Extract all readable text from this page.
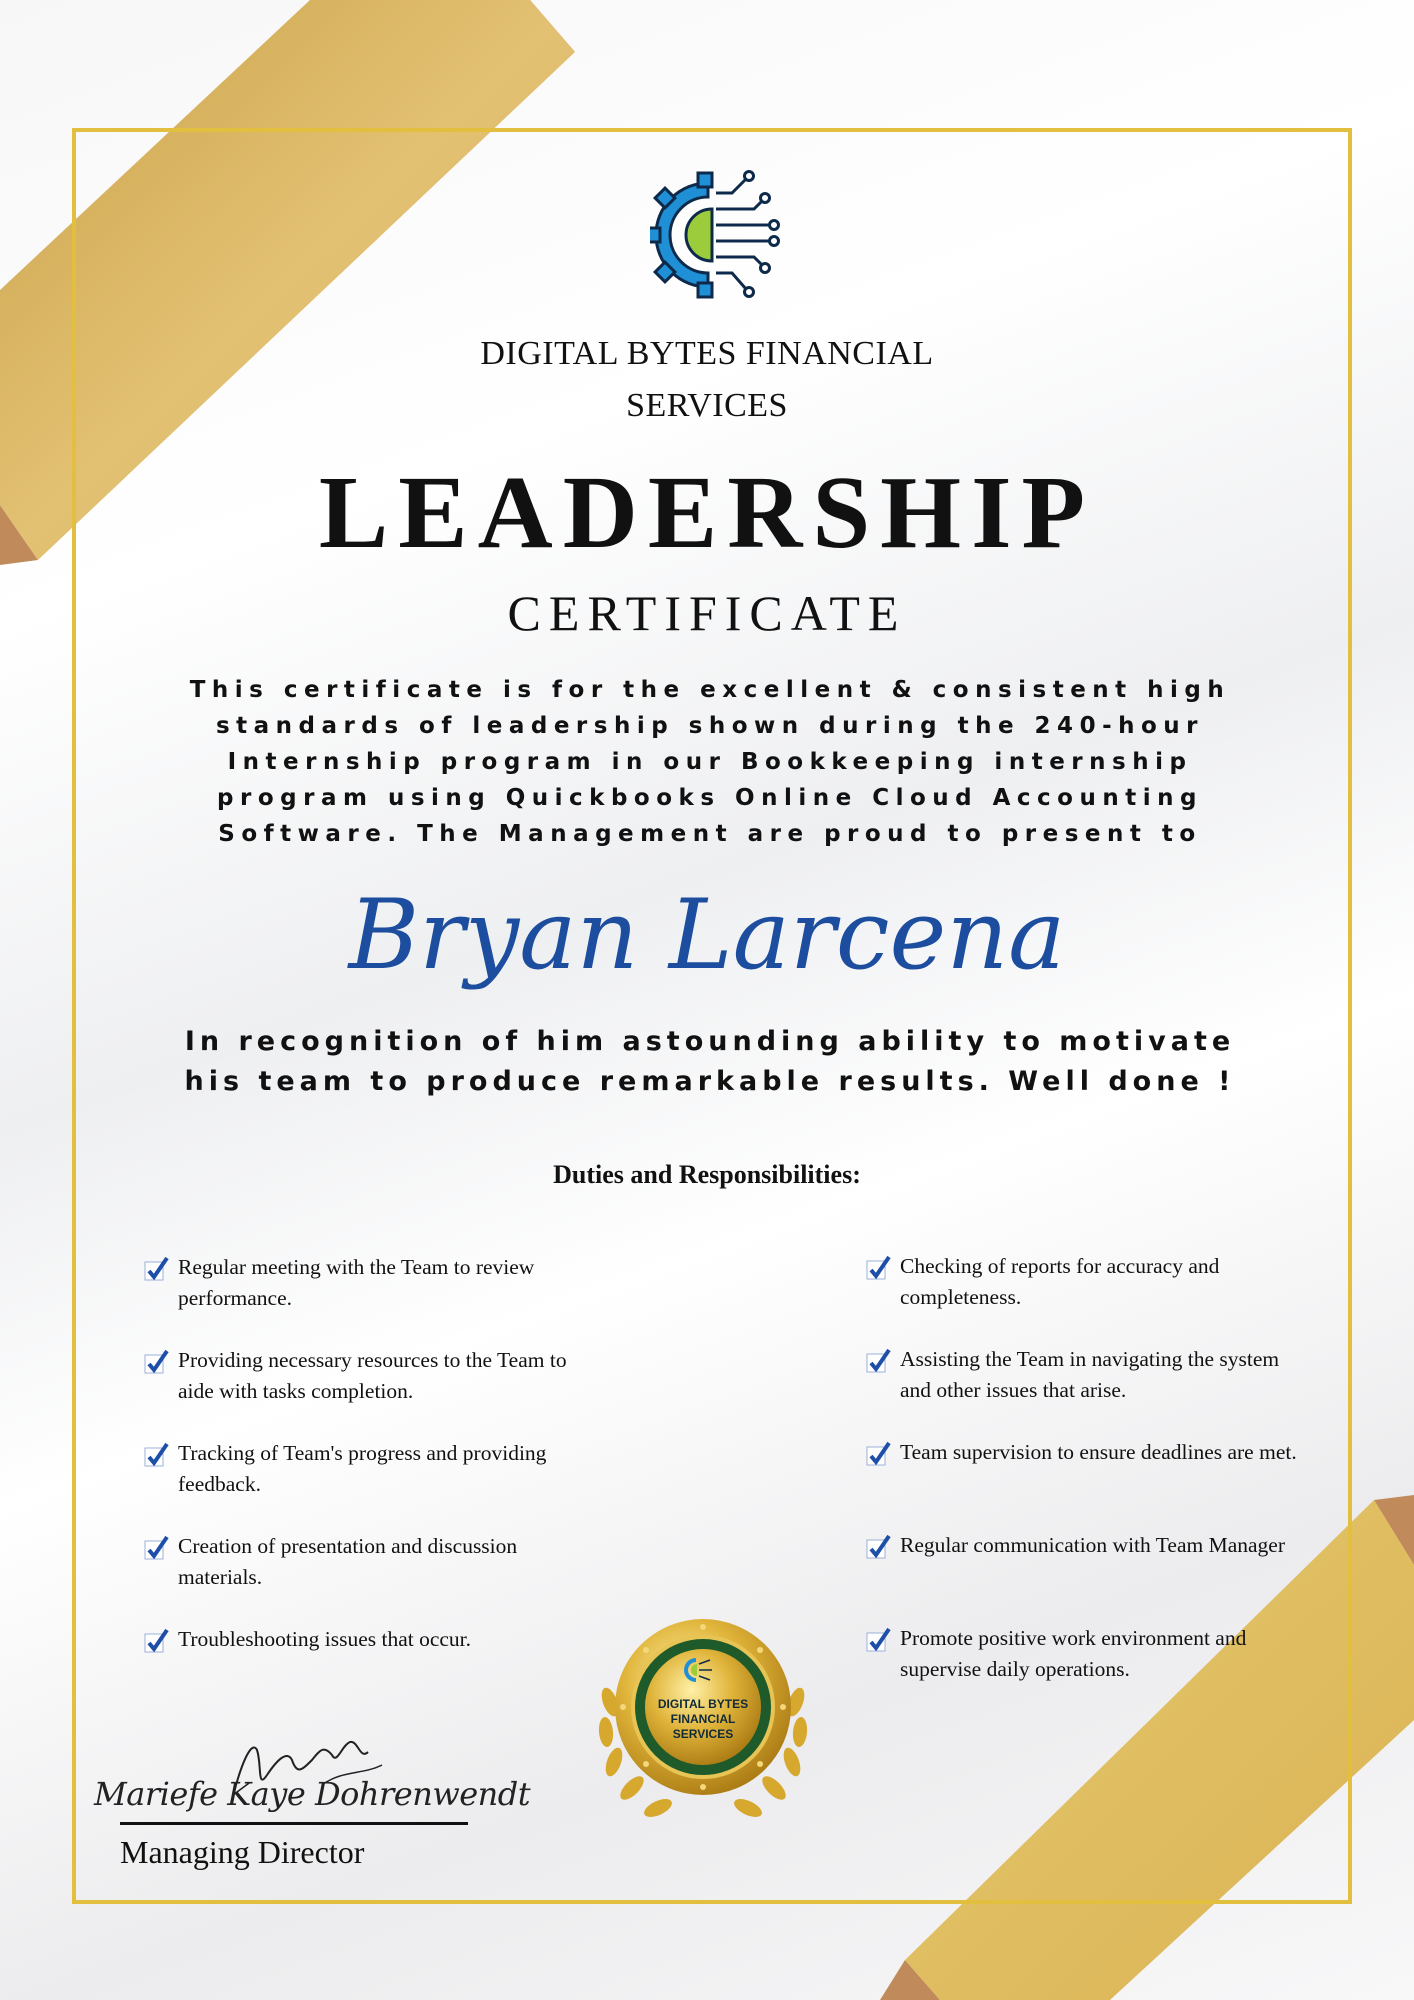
DIGITAL BYTES FINANCIAL
SERVICES
LEADERSHIP
CERTIFICATE
This certificate is for the excellent & consistent high standards of leadership shown during the 240-hour Internship program in our Bookkeeping internship program using Quickbooks Online Cloud Accounting Software. The Management are proud to present to
Bryan Larcena
In recognition of him astounding ability to motivate his team to produce remarkable results. Well done !
Duties and Responsibilities:
Regular meeting with the Team to review performance.
Providing necessary resources to the Team to aide with tasks completion.
Tracking of Team's progress and providing feedback.
Creation of presentation and discussion materials.
Troubleshooting issues that occur.
Checking of reports for accuracy and completeness.
Assisting the Team in navigating the system and other issues that arise.
Team supervision to ensure deadlines are met.
Regular communication with Team Manager
Promote positive work environment and supervise daily operations.
DIGITAL BYTES
FINANCIAL
SERVICES
Mariefe Kaye Dohrenwendt
Managing Director
